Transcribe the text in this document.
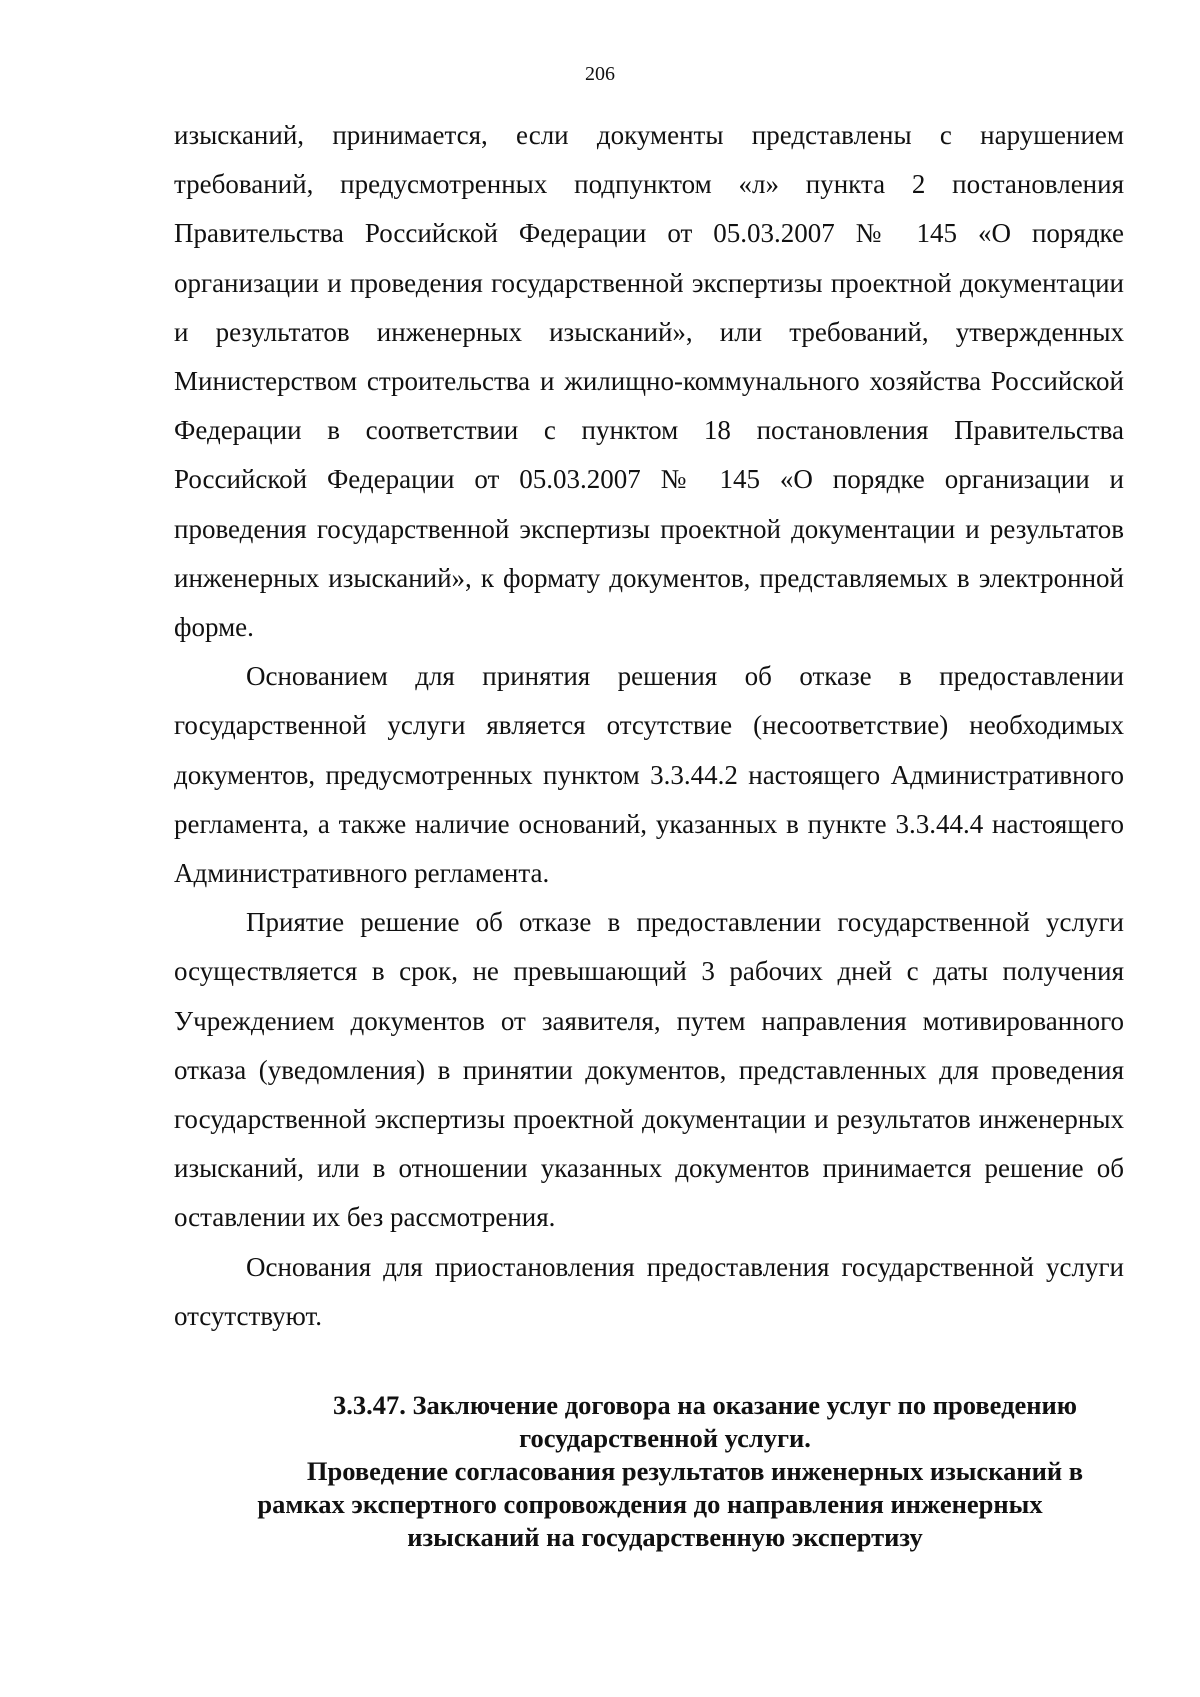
206

изысканий, принимается, если документы представлены с нарушением требований, предусмотренных подпунктом «л» пункта 2 постановления Правительства Российской Федерации от 05.03.2007 № 145 «О порядке организации и проведения государственной экспертизы проектной документации и результатов инженерных изысканий», или требований, утвержденных Министерством строительства и жилищно-коммунального хозяйства Российской Федерации в соответствии с пунктом 18 постановления Правительства Российской Федерации от 05.03.2007 № 145 «О порядке организации и проведения государственной экспертизы проектной документации и результатов инженерных изысканий», к формату документов, представляемых в электронной форме.

Основанием для принятия решения об отказе в предоставлении государственной услуги является отсутствие (несоответствие) необходимых документов, предусмотренных пунктом 3.3.44.2 настоящего Административного регламента, а также наличие оснований, указанных в пункте 3.3.44.4 настоящего Административного регламента.

Приятие решение об отказе в предоставлении государственной услуги осуществляется в срок, не превышающий 3 рабочих дней с даты получения Учреждением документов от заявителя, путем направления мотивированного отказа (уведомления) в принятии документов, представленных для проведения государственной экспертизы проектной документации и результатов инженерных изысканий, или в отношении указанных документов принимается решение об оставлении их без рассмотрения.

Основания для приостановления предоставления государственной услуги отсутствуют.

3.3.47. Заключение договора на оказание услуг по проведению
государственной услуги.
Проведение согласования результатов инженерных изысканий в
рамках экспертного сопровождения до направления инженерных
изысканий на государственную экспертизу
